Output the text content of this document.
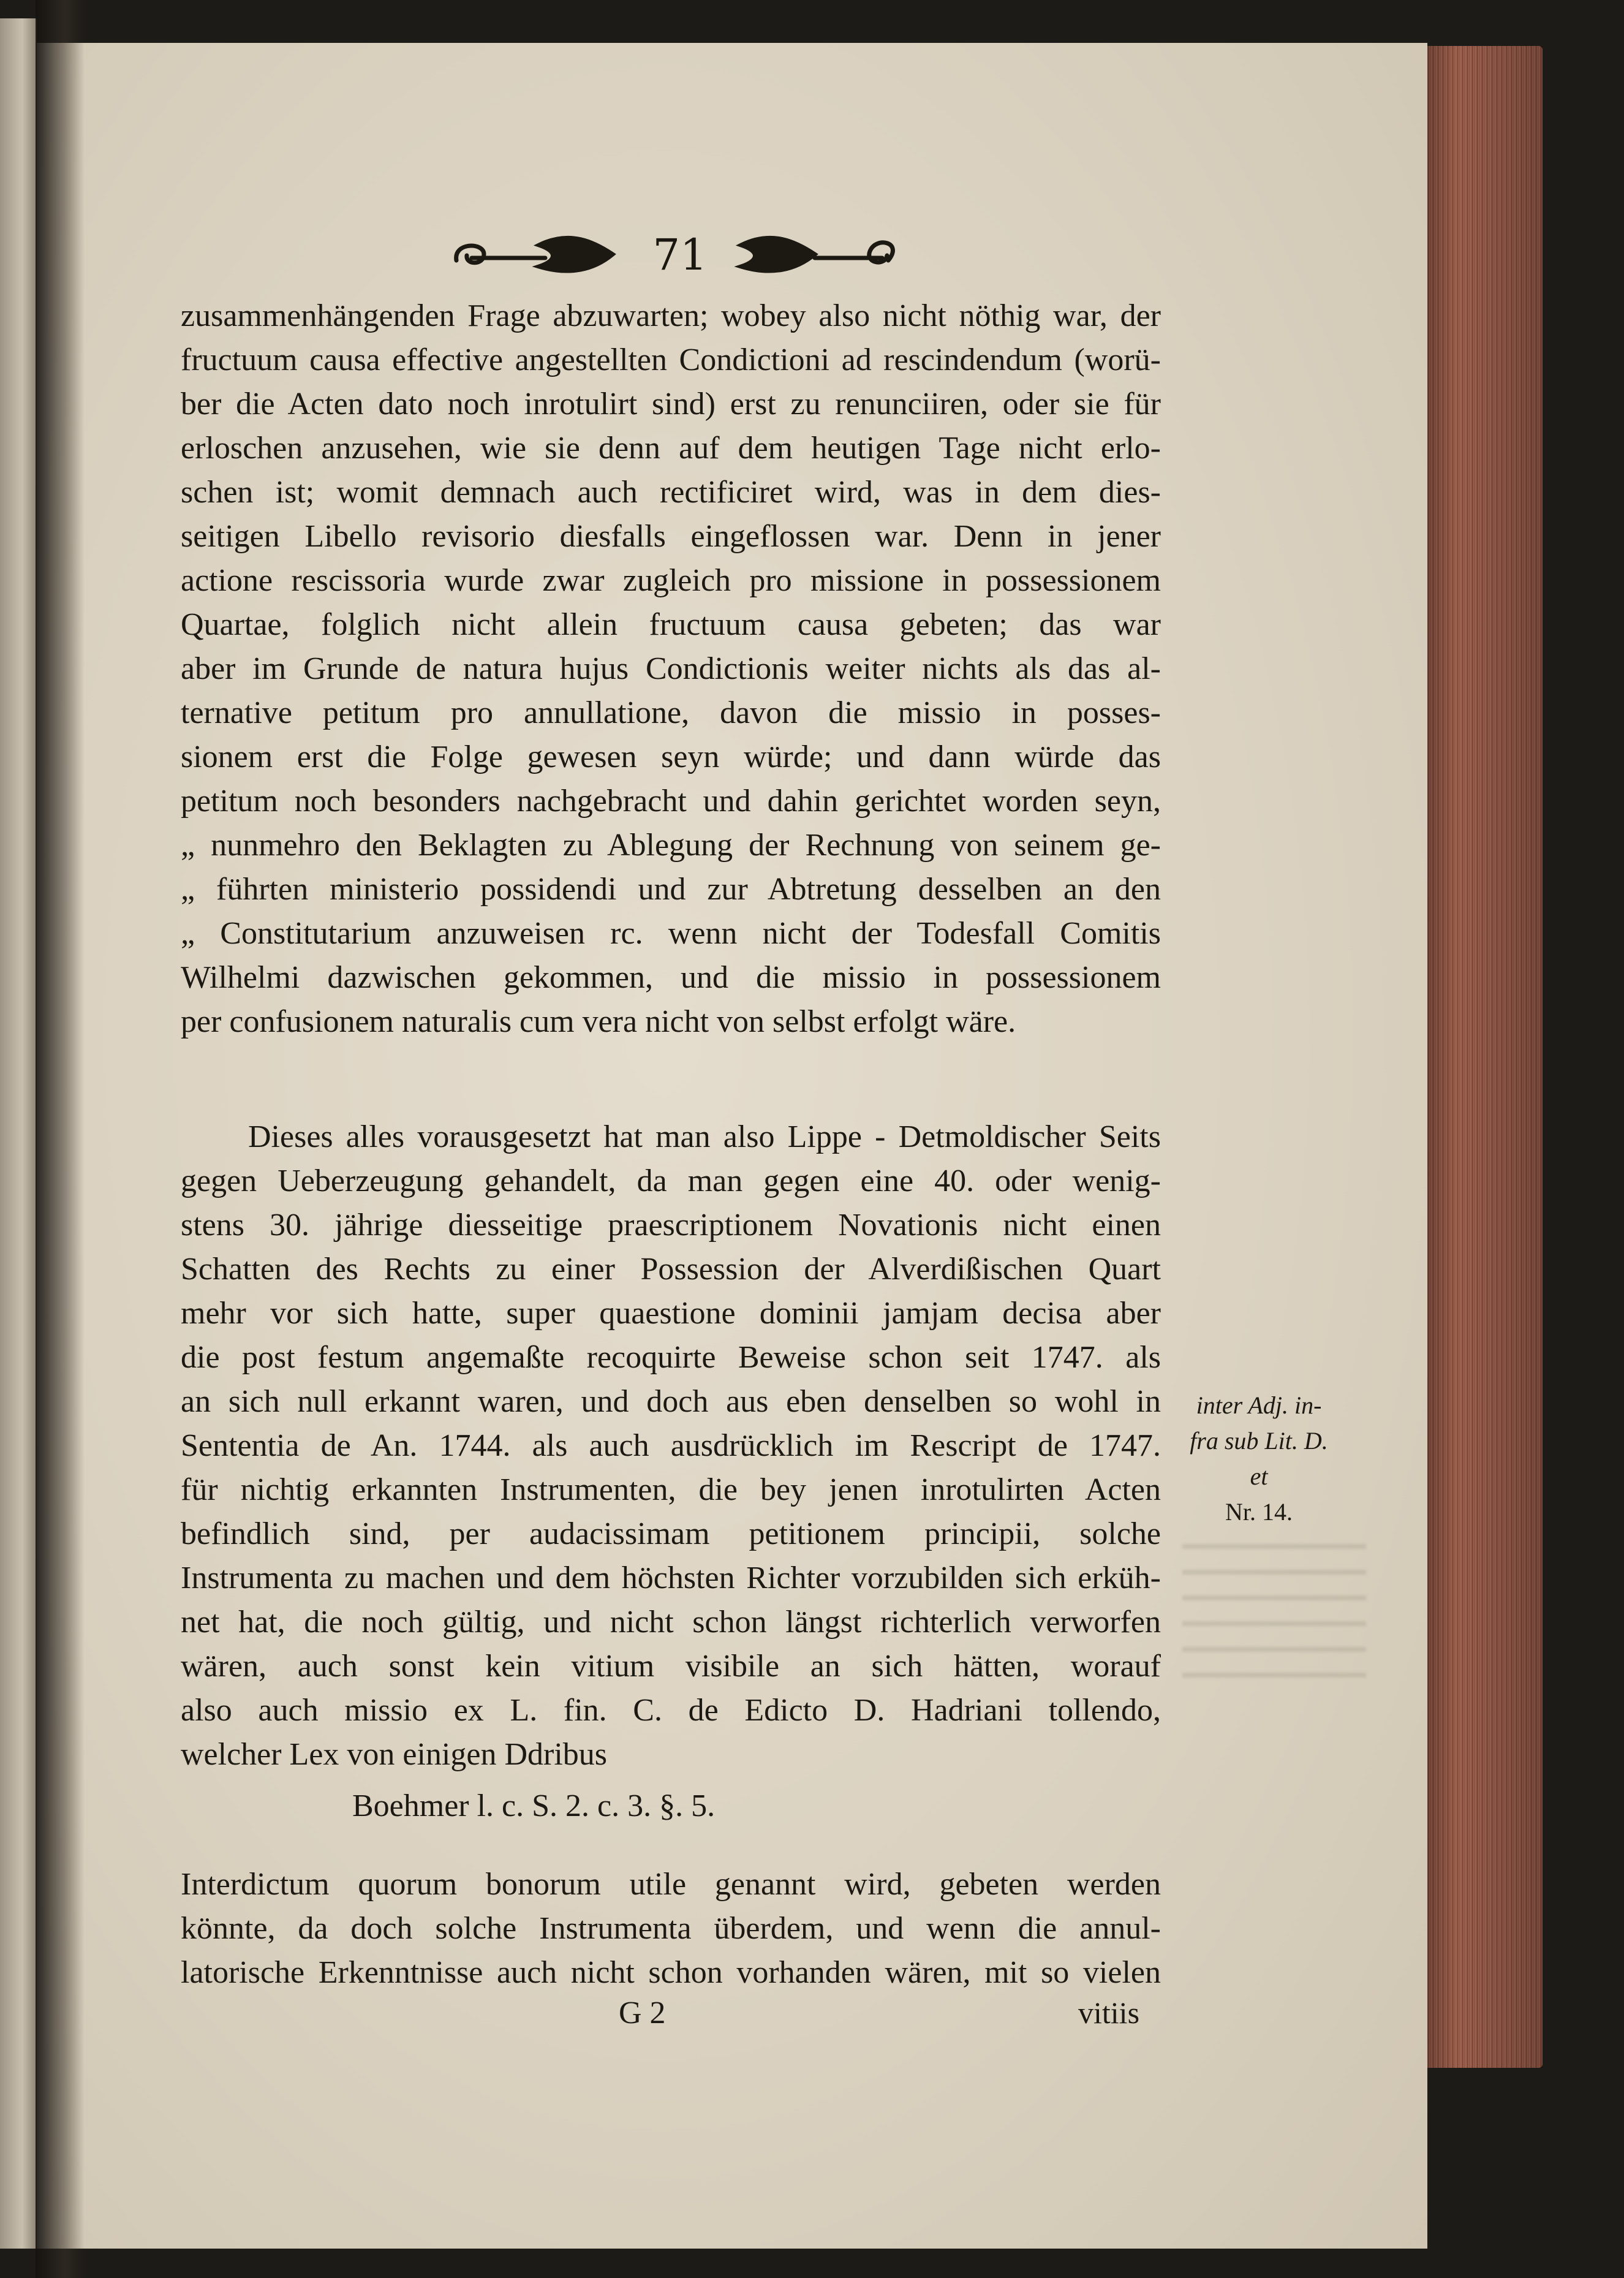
71
zusammenhängenden Frage abzuwarten; wobey also nicht nöthig war, der
fructuum causa effective angestellten Condictioni ad rescindendum (worü-
ber die Acten dato noch inrotulirt sind) erst zu renunciiren, oder sie für
erloschen anzusehen, wie sie denn auf dem heutigen Tage nicht erlo-
schen ist; womit demnach auch rectificiret wird, was in dem dies-
seitigen Libello revisorio diesfalls eingeflossen war. Denn in jener
actione rescissoria wurde zwar zugleich pro missione in possessionem
Quartae, folglich nicht allein fructuum causa gebeten; das war
aber im Grunde de natura hujus Condictionis weiter nichts als das al-
ternative petitum pro annullatione, davon die missio in posses-
sionem erst die Folge gewesen seyn würde; und dann würde das
petitum noch besonders nachgebracht und dahin gerichtet worden seyn,
„ nunmehro den Beklagten zu Ablegung der Rechnung von seinem ge-
„ führten ministerio possidendi und zur Abtretung desselben an den
„ Constitutarium anzuweisen rc. wenn nicht der Todesfall Comitis
Wilhelmi dazwischen gekommen, und die missio in possessionem
per confusionem naturalis cum vera nicht von selbst erfolgt wäre.
Dieses alles vorausgesetzt hat man also Lippe - Detmoldischer Seits
gegen Ueberzeugung gehandelt, da man gegen eine 40. oder wenig-
stens 30. jährige diesseitige praescriptionem Novationis nicht einen
Schatten des Rechts zu einer Possession der Alverdißischen Quart
mehr vor sich hatte, super quaestione dominii jamjam decisa aber
die post festum angemaßte recoquirte Beweise schon seit 1747. als
an sich null erkannt waren, und doch aus eben denselben so wohl in
Sententia de An. 1744. als auch ausdrücklich im Rescript de 1747.
für nichtig erkannten Instrumenten, die bey jenen inrotulirten Acten
befindlich sind, per audacissimam petitionem principii, solche
Instrumenta zu machen und dem höchsten Richter vorzubilden sich erküh-
net hat, die noch gültig, und nicht schon längst richterlich verworfen
wären, auch sonst kein vitium visibile an sich hätten, worauf
also auch missio ex L. fin. C. de Edicto D. Hadriani tollendo,
welcher Lex von einigen Ddribus
inter Adj. in-
fra sub Lit. D.
et
Nr. 14.
Boehmer l. c. S. 2. c. 3. §. 5.
Interdictum quorum bonorum utile genannt wird, gebeten werden
könnte, da doch solche Instrumenta überdem, und wenn die annul-
latorische Erkenntnisse auch nicht schon vorhanden wären, mit so vielen
G 2	vitiis
